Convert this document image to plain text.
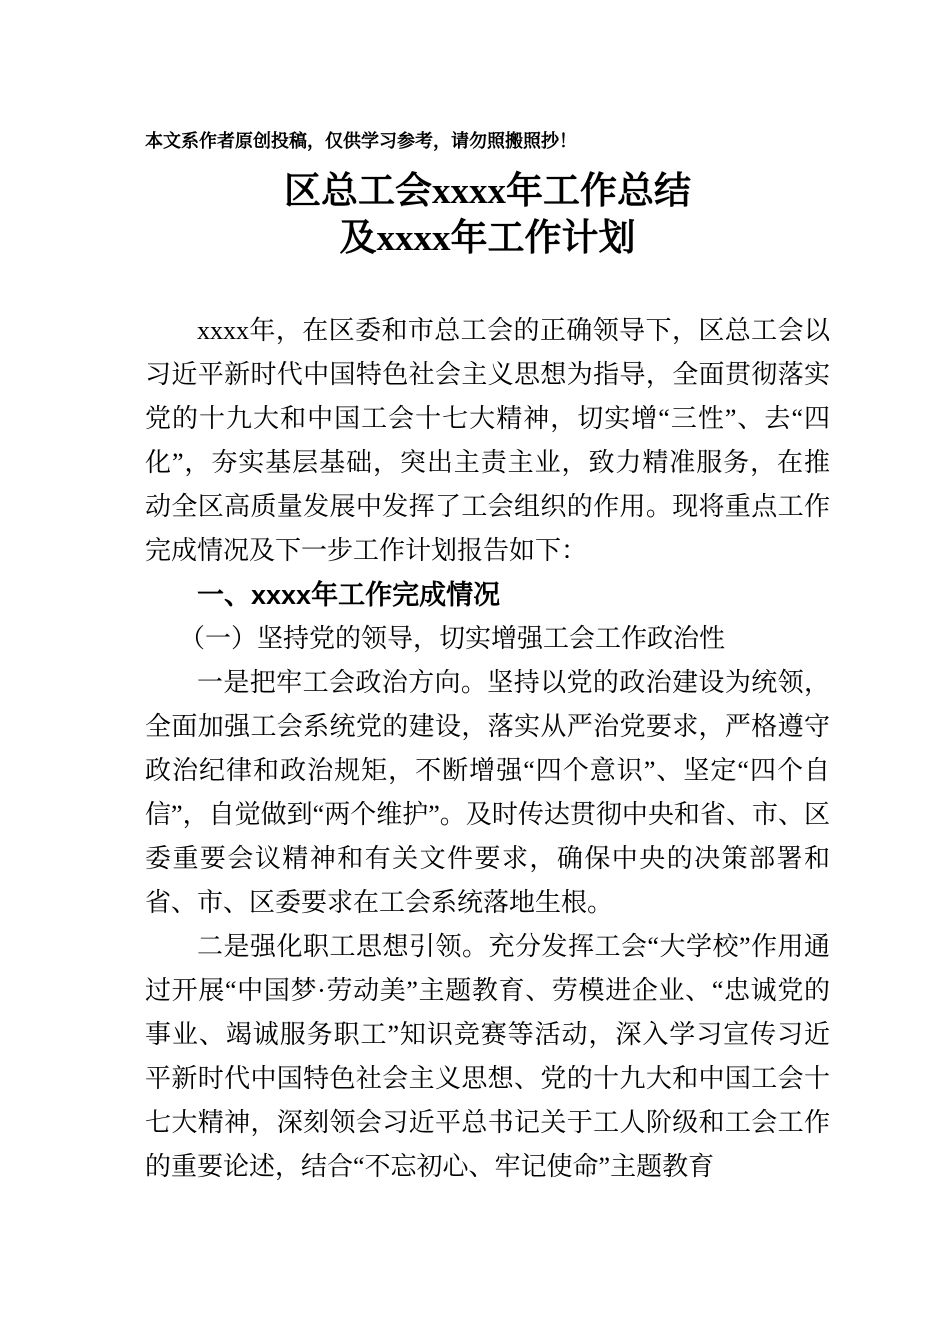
本文系作者原创投稿，仅供学习参考，请勿照搬照抄！

区总工会xxxx年工作总结
及xxxx年工作计划

xxxx年，在区委和市总工会的正确领导下，区总工会以习近平新时代中国特色社会主义思想为指导，全面贯彻落实党的十九大和中国工会十七大精神，切实增“三性”、去“四化”，夯实基层基础，突出主责主业，致力精准服务，在推动全区高质量发展中发挥了工会组织的作用。现将重点工作完成情况及下一步工作计划报告如下：

一、xxxx年工作完成情况
（一）坚持党的领导，切实增强工会工作政治性

一是把牢工会政治方向。坚持以党的政治建设为统领，全面加强工会系统党的建设，落实从严治党要求，严格遵守政治纪律和政治规矩，不断增强“四个意识”、坚定“四个自信”，自觉做到“两个维护”。及时传达贯彻中央和省、市、区委重要会议精神和有关文件要求，确保中央的决策部署和省、市、区委要求在工会系统落地生根。

二是强化职工思想引领。充分发挥工会“大学校”作用通过开展“中国梦·劳动美”主题教育、劳模进企业、“忠诚党的事业、竭诚服务职工”知识竞赛等活动，深入学习宣传习近平新时代中国特色社会主义思想、党的十九大和中国工会十七大精神，深刻领会习近平总书记关于工人阶级和工会工作的重要论述，结合“不忘初心、牢记使命”主题教育
